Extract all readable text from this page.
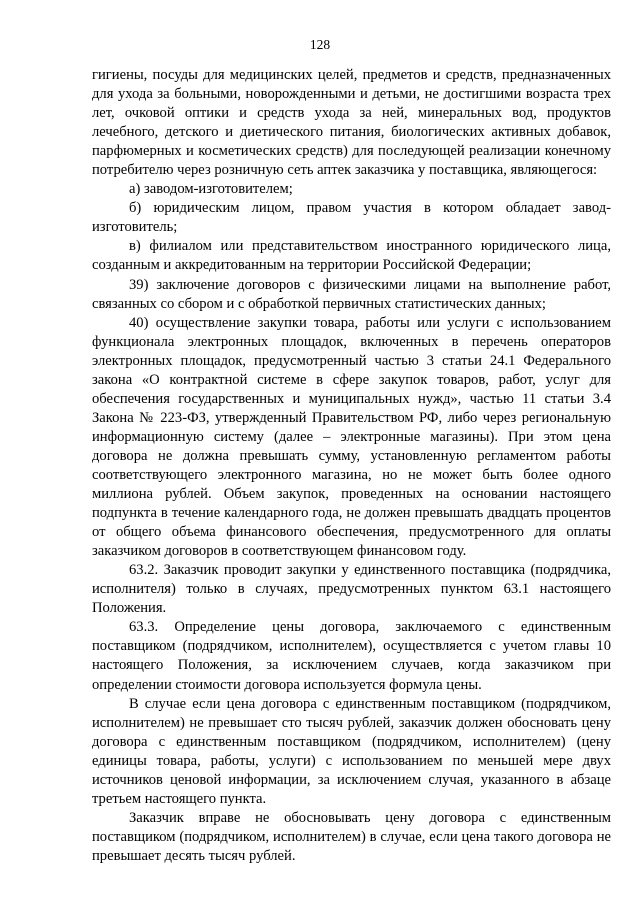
128

гигиены, посуды для медицинских целей, предметов и средств, предназначенных для ухода за больными, новорожденными и детьми, не достигшими возраста трех лет, очковой оптики и средств ухода за ней, минеральных вод, продуктов лечебного, детского и диетического питания, биологических активных добавок, парфюмерных и косметических средств) для последующей реализации конечному потребителю через розничную сеть аптек заказчика у поставщика, являющегося:

а) заводом-изготовителем;

б) юридическим лицом, правом участия в котором обладает завод-изготовитель;

в) филиалом или представительством иностранного юридического лица, созданным и аккредитованным на территории Российской Федерации;

39) заключение договоров с физическими лицами на выполнение работ, связанных со сбором и с обработкой первичных статистических данных;

40) осуществление закупки товара, работы или услуги с использованием функционала электронных площадок, включенных в перечень операторов электронных площадок, предусмотренный частью 3 статьи 24.1 Федерального закона «О контрактной системе в сфере закупок товаров, работ, услуг для обеспечения государственных и муниципальных нужд», частью 11 статьи 3.4 Закона № 223-ФЗ, утвержденный Правительством РФ, либо через региональную информационную систему (далее – электронные магазины). При этом цена договора не должна превышать сумму, установленную регламентом работы соответствующего электронного магазина, но не может быть более одного миллиона рублей. Объем закупок, проведенных на основании настоящего подпункта в течение календарного года, не должен превышать двадцать процентов от общего объема финансового обеспечения, предусмотренного для оплаты заказчиком договоров в соответствующем финансовом году.

63.2. Заказчик проводит закупки у единственного поставщика (подрядчика, исполнителя) только в случаях, предусмотренных пунктом 63.1 настоящего Положения.

63.3. Определение цены договора, заключаемого с единственным поставщиком (подрядчиком, исполнителем), осуществляется с учетом главы 10 настоящего Положения, за исключением случаев, когда заказчиком при определении стоимости договора используется формула цены.

В случае если цена договора с единственным поставщиком (подрядчиком, исполнителем) не превышает сто тысяч рублей, заказчик должен обосновать цену договора с единственным поставщиком (подрядчиком, исполнителем) (цену единицы товара, работы, услуги) с использованием по меньшей мере двух источников ценовой информации, за исключением случая, указанного в абзаце третьем настоящего пункта.

Заказчик вправе не обосновывать цену договора с единственным поставщиком (подрядчиком, исполнителем) в случае, если цена такого договора не превышает десять тысяч рублей.
